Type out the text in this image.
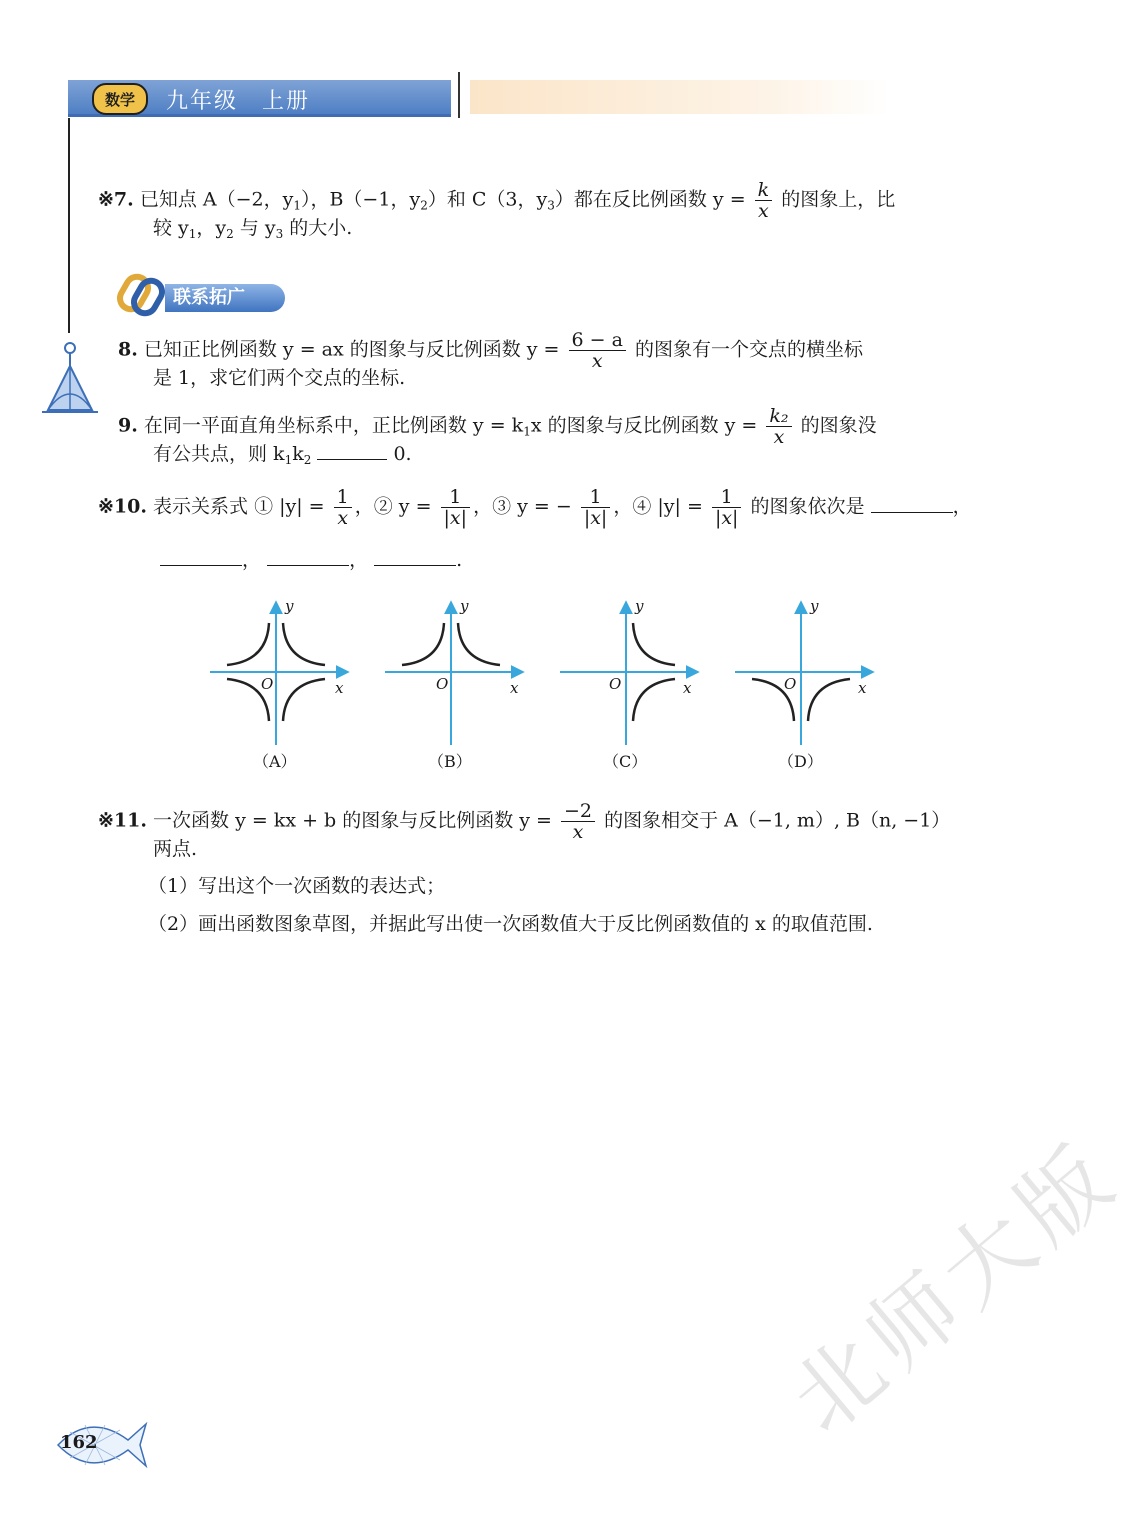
数学	九年级　上册
※7. 已知点 A（−2，$y_1$），B（−1，$y_2$）和 C（3，$y_3$）都在反比例函数 $y = \frac{k}{x}$ 的图象上，比
较 $y_1$，$y_2$ 与 $y_3$ 的大小.
联系拓广
8. 已知正比例函数 y = ax 的图象与反比例函数 $y = \frac{6 - a}{x}$ 的图象有一个交点的横坐标
是 1，求它们两个交点的坐标.
9. 在同一平面直角坐标系中，正比例函数 $y = k_1x$ 的图象与反比例函数 $y = \frac{\text{k₂}}{x}$ 的图象没
有公共点，则 $k_1k_2$	0.
※10. 表示关系式 ① $|y| = \frac{1}{x}$ ，② $y = \frac{1}{|x|}$ ，③ y = − $\frac{1}{|x|}$ ，④ $|y| = \frac{1}{|x|}$ 的图象依次是	，
，	，	.
y
x
O
y
x
O
y
x
O
y
x
O
（A）	（B）	（C）	（D）
※11. 一次函数 y = kx + b 的图象与反比例函数 $y = \frac{-2}{x}$ 的图象相交于 A（−1, m）, B（n, −1）
两点.
（1）写出这个一次函数的表达式；
（2）画出函数图象草图，并据此写出使一次函数值大于反比例函数值的 x 的取值范围.
北师大版
162
